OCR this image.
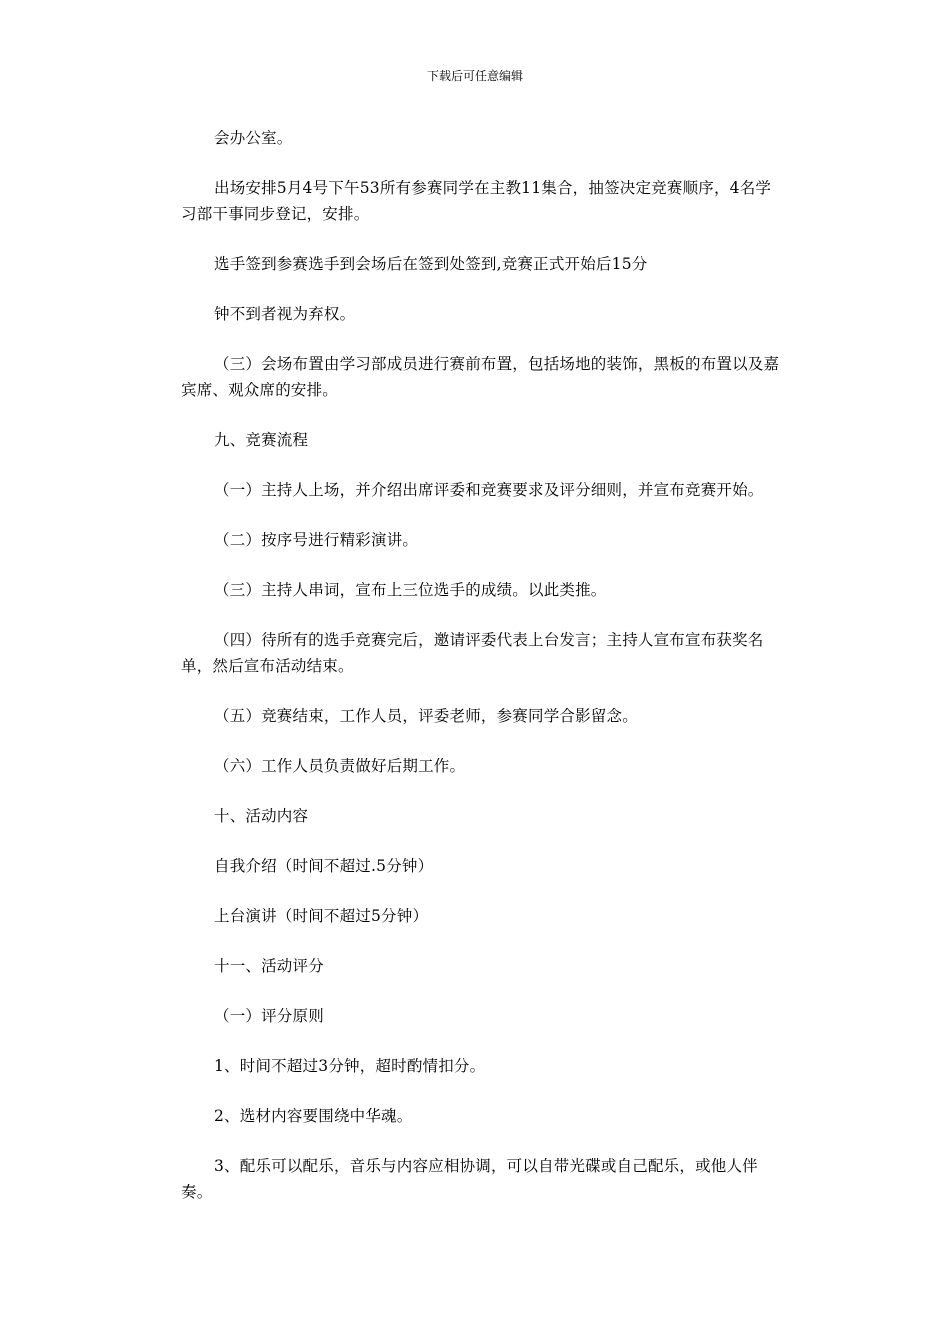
下载后可任意编辑

会办公室。

出场安排5月4号下午53所有参赛同学在主教11集合，抽签决定竞赛顺序，4名学习部干事同步登记，安排。

选手签到参赛选手到会场后在签到处签到,竞赛正式开始后15分

钟不到者视为弃权。

（三）会场布置由学习部成员进行赛前布置，包括场地的装饰，黑板的布置以及嘉宾席、观众席的安排。

九、竞赛流程

（一）主持人上场，并介绍出席评委和竞赛要求及评分细则，并宣布竞赛开始。

（二）按序号进行精彩演讲。

（三）主持人串词，宣布上三位选手的成绩。以此类推。

（四）待所有的选手竞赛完后，邀请评委代表上台发言；主持人宣布宣布获奖名单，然后宣布活动结束。

（五）竞赛结束，工作人员，评委老师，参赛同学合影留念。

（六）工作人员负责做好后期工作。

十、活动内容

自我介绍（时间不超过.5分钟）

上台演讲（时间不超过5分钟）

十一、活动评分

（一）评分原则

1、时间不超过3分钟，超时酌情扣分。

2、选材内容要围绕中华魂。

3、配乐可以配乐，音乐与内容应相协调，可以自带光碟或自己配乐，或他人伴奏。
